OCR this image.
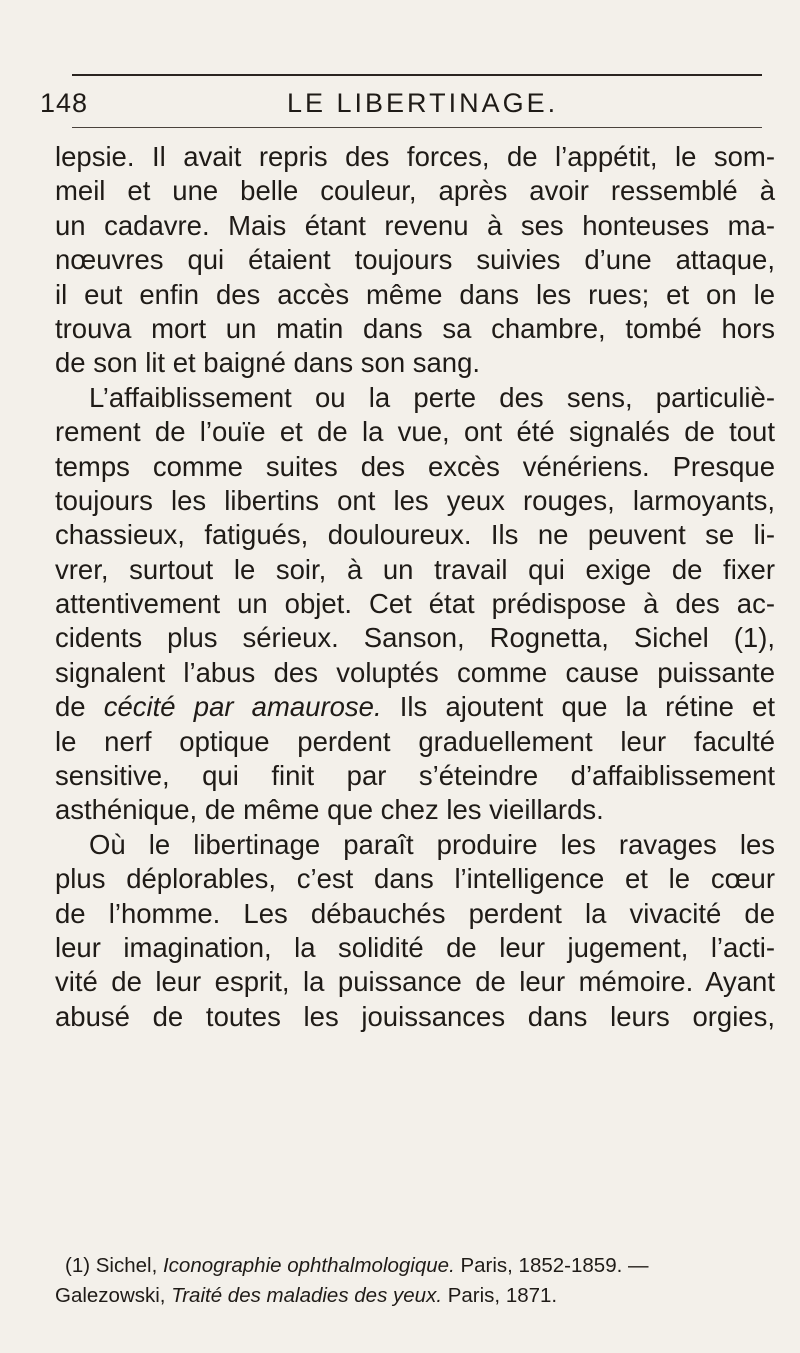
148	LE LIBERTINAGE.
lepsie. Il avait repris des forces, de l’appétit, le som-
meil et une belle couleur, après avoir ressemblé à
un cadavre. Mais étant revenu à ses honteuses ma-
nœuvres qui étaient toujours suivies d’une attaque,
il eut enfin des accès même dans les rues; et on le
trouva mort un matin dans sa chambre, tombé hors
de son lit et baigné dans son sang.
L’affaiblissement ou la perte des sens, particuliè-
rement de l’ouïe et de la vue, ont été signalés de tout
temps comme suites des excès vénériens. Presque
toujours les libertins ont les yeux rouges, larmoyants,
chassieux, fatigués, douloureux. Ils ne peuvent se li-
vrer, surtout le soir, à un travail qui exige de fixer
attentivement un objet. Cet état prédispose à des ac-
cidents plus sérieux. Sanson, Rognetta, Sichel (1),
signalent l’abus des voluptés comme cause puissante
de cécité par amaurose. Ils ajoutent que la rétine et
le nerf optique perdent graduellement leur faculté
sensitive, qui finit par s’éteindre d’affaiblissement
asthénique, de même que chez les vieillards.
Où le libertinage paraît produire les ravages les
plus déplorables, c’est dans l’intelligence et le cœur
de l’homme. Les débauchés perdent la vivacité de
leur imagination, la solidité de leur jugement, l’acti-
vité de leur esprit, la puissance de leur mémoire. Ayant
abusé de toutes les jouissances dans leurs orgies,
(1) Sichel, Iconographie ophthalmologique. Paris, 1852-1859. —
Galezowski, Traité des maladies des yeux. Paris, 1871.
